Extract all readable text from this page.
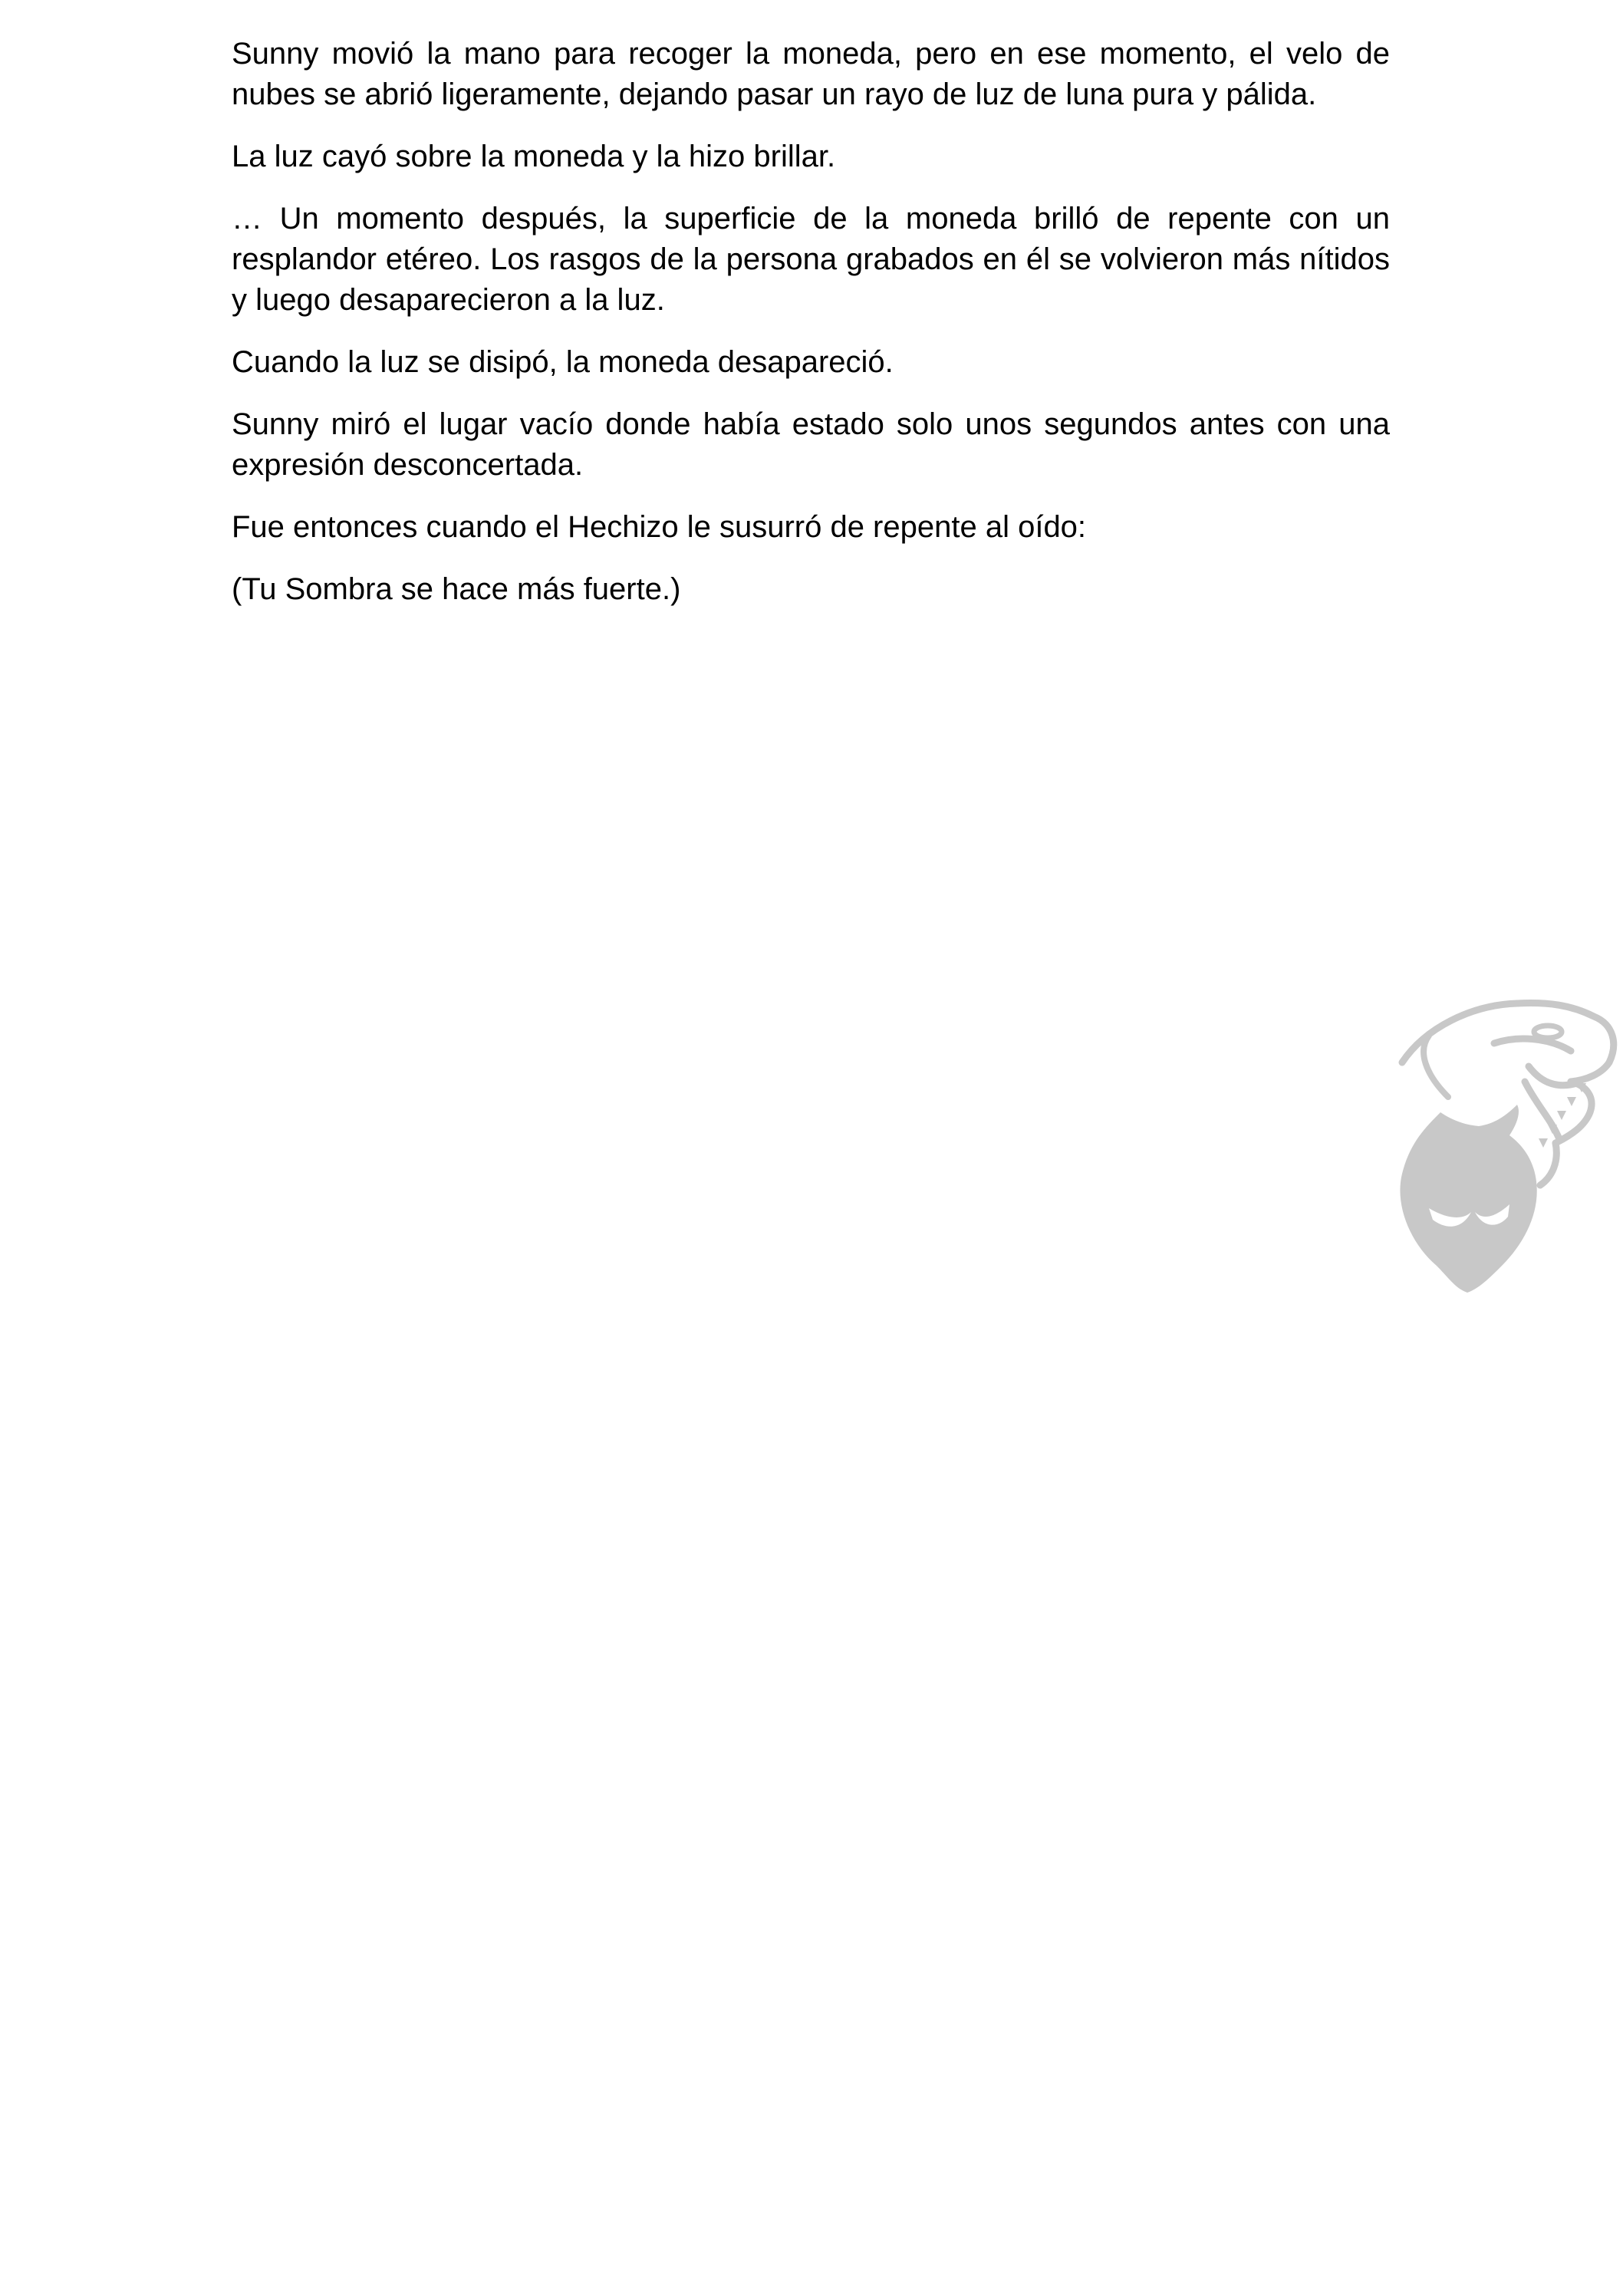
Sunny movió la mano para recoger la moneda, pero en ese momento, el velo de nubes se abrió ligeramente, dejando pasar un rayo de luz de luna pura y pálida.

La luz cayó sobre la moneda y la hizo brillar.

… Un momento después, la superficie de la moneda brilló de repente con un resplandor etéreo. Los rasgos de la persona grabados en él se volvieron más nítidos y luego desaparecieron a la luz.

Cuando la luz se disipó, la moneda desapareció.

Sunny miró el lugar vacío donde había estado solo unos segundos antes con una expresión desconcertada.

Fue entonces cuando el Hechizo le susurró de repente al oído:

(Tu Sombra se hace más fuerte.)
